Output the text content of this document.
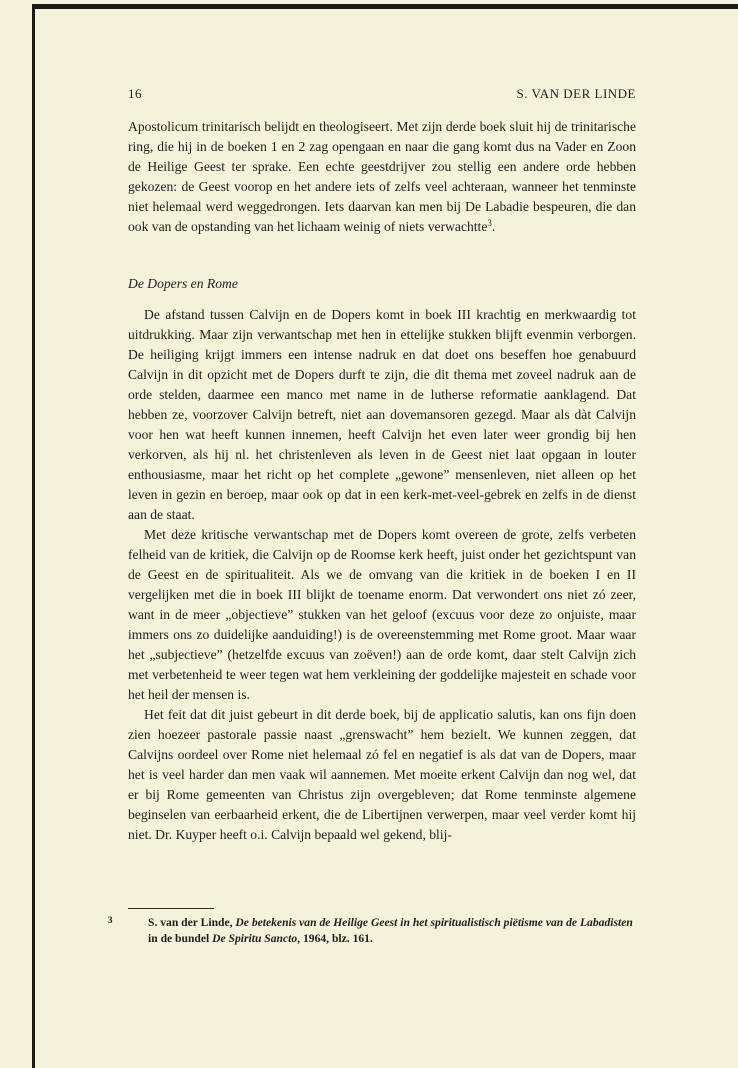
16	S. VAN DER LINDE

Apostolicum trinitarisch belijdt en theologiseert. Met zijn derde boek sluit hij de trinitarische ring, die hij in de boeken 1 en 2 zag opengaan en naar die gang komt dus na Vader en Zoon de Heilige Geest ter sprake. Een echte geestdrijver zou stellig een andere orde hebben gekozen: de Geest voorop en het andere iets of zelfs veel achteraan, wanneer het tenminste niet helemaal werd weggedrongen. Iets daarvan kan men bij De Labadie bespeuren, die dan ook van de opstanding van het lichaam weinig of niets verwachtte$^3$.

De Dopers en Rome

De afstand tussen Calvijn en de Dopers komt in boek III krachtig en merkwaardig tot uitdrukking. Maar zijn verwantschap met hen in ettelijke stukken blijft evenmin verborgen. De heiliging krijgt immers een intense nadruk en dat doet ons beseffen hoe genabuurd Calvijn in dit opzicht met de Dopers durft te zijn, die dit thema met zoveel nadruk aan de orde stelden, daarmee een manco met name in de lutherse reformatie aanklagend. Dat hebben ze, voorzover Calvijn betreft, niet aan dovemansoren gezegd. Maar als dàt Calvijn voor hen wat heeft kunnen innemen, heeft Calvijn het even later weer grondig bij hen verkorven, als hij nl. het christenleven als leven in de Geest niet laat opgaan in louter enthousiasme, maar het richt op het complete „gewone” mensenleven, niet alleen op het leven in gezin en beroep, maar ook op dat in een kerk-met-veel-gebrek en zelfs in de dienst aan de staat.

Met deze kritische verwantschap met de Dopers komt overeen de grote, zelfs verbeten felheid van de kritiek, die Calvijn op de Roomse kerk heeft, juist onder het gezichtspunt van de Geest en de spiritualiteit. Als we de omvang van die kritiek in de boeken I en II vergelijken met die in boek III blijkt de toename enorm. Dat verwondert ons niet zó zeer, want in de meer „objectieve” stukken van het geloof (excuus voor deze zo onjuiste, maar immers ons zo duidelijke aanduiding!) is de overeenstemming met Rome groot. Maar waar het „subjectieve” (hetzelfde excuus van zoëven!) aan de orde komt, daar stelt Calvijn zich met verbetenheid te weer tegen wat hem verkleining der goddelijke majesteit en schade voor het heil der mensen is.

Het feit dat dit juist gebeurt in dit derde boek, bij de applicatio salutis, kan ons fijn doen zien hoezeer pastorale passie naast „grenswacht” hem bezielt. We kunnen zeggen, dat Calvijns oordeel over Rome niet helemaal zó fel en negatief is als dat van de Dopers, maar het is veel harder dan men vaak wil aannemen. Met moeite erkent Calvijn dan nog wel, dat er bij Rome gemeenten van Christus zijn overgebleven; dat Rome tenminste algemene beginselen van eerbaarheid erkent, die de Libertijnen verwerpen, maar veel verder komt hij niet. Dr. Kuyper heeft o.i. Calvijn bepaald wel gekend, blij-

3	S. van der Linde, De betekenis van de Heilige Geest in het spiritualistisch piëtisme van de Labadisten in de bundel De Spiritu Sancto, 1964, blz. 161.
